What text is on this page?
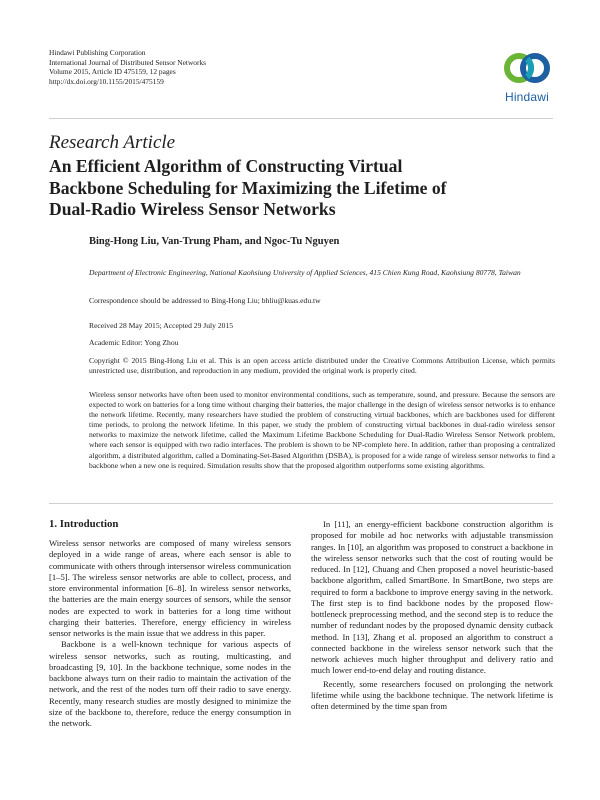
Hindawi Publishing Corporation
International Journal of Distributed Sensor Networks
Volume 2015, Article ID 475159, 12 pages
http://dx.doi.org/10.1155/2015/475159
Hindawi
Research Article
An Efficient Algorithm of Constructing Virtual Backbone Scheduling for Maximizing the Lifetime of Dual-Radio Wireless Sensor Networks
Bing-Hong Liu, Van-Trung Pham, and Ngoc-Tu Nguyen
Department of Electronic Engineering, National Kaohsiung University of Applied Sciences, 415 Chien Kung Road, Kaohsiung 80778, Taiwan
Correspondence should be addressed to Bing-Hong Liu; bhliu@kuas.edu.tw
Received 28 May 2015; Accepted 29 July 2015
Academic Editor: Yong Zhou
Copyright © 2015 Bing-Hong Liu et al. This is an open access article distributed under the Creative Commons Attribution License, which permits unrestricted use, distribution, and reproduction in any medium, provided the original work is properly cited.
Wireless sensor networks have often been used to monitor environmental conditions, such as temperature, sound, and pressure. Because the sensors are expected to work on batteries for a long time without charging their batteries, the major challenge in the design of wireless sensor networks is to enhance the network lifetime. Recently, many researchers have studied the problem of constructing virtual backbones, which are backbones used for different time periods, to prolong the network lifetime. In this paper, we study the problem of constructing virtual backbones in dual-radio wireless sensor networks to maximize the network lifetime, called the Maximum Lifetime Backbone Scheduling for Dual-Radio Wireless Sensor Network problem, where each sensor is equipped with two radio interfaces. The problem is shown to be NP-complete here. In addition, rather than proposing a centralized algorithm, a distributed algorithm, called a Dominating-Set-Based Algorithm (DSBA), is proposed for a wide range of wireless sensor networks to find a backbone when a new one is required. Simulation results show that the proposed algorithm outperforms some existing algorithms.
1. Introduction

Wireless sensor networks are composed of many wireless sensors deployed in a wide range of areas, where each sensor is able to communicate with others through intersensor wireless communication [1–5]. The wireless sensor networks are able to collect, process, and store environmental information [6–8]. In wireless sensor networks, the batteries are the main energy sources of sensors, while the sensor nodes are expected to work in batteries for a long time without charging their batteries. Therefore, energy efficiency in wireless sensor networks is the main issue that we address in this paper.

Backbone is a well-known technique for various aspects of wireless sensor networks, such as routing, multicasting, and broadcasting [9, 10]. In the backbone technique, some nodes in the backbone always turn on their radio to maintain the activation of the network, and the rest of the nodes turn off their radio to save energy. Recently, many research studies are mostly designed to minimize the size of the backbone to, therefore, reduce the energy consumption in the network.

In [11], an energy-efficient backbone construction algorithm is proposed for mobile ad hoc networks with adjustable transmission ranges. In [10], an algorithm was proposed to construct a backbone in the wireless sensor networks such that the cost of routing would be reduced. In [12], Chuang and Chen proposed a novel heuristic-based backbone algorithm, called SmartBone. In SmartBone, two steps are required to form a backbone to improve energy saving in the network. The first step is to find backbone nodes by the proposed flow-bottleneck preprocessing method, and the second step is to reduce the number of redundant nodes by the proposed dynamic density cutback method. In [13], Zhang et al. proposed an algorithm to construct a connected backbone in the wireless sensor network such that the network achieves much higher throughput and delivery ratio and much lower end-to-end delay and routing distance.

Recently, some researchers focused on prolonging the network lifetime while using the backbone technique. The network lifetime is often determined by the time span from
